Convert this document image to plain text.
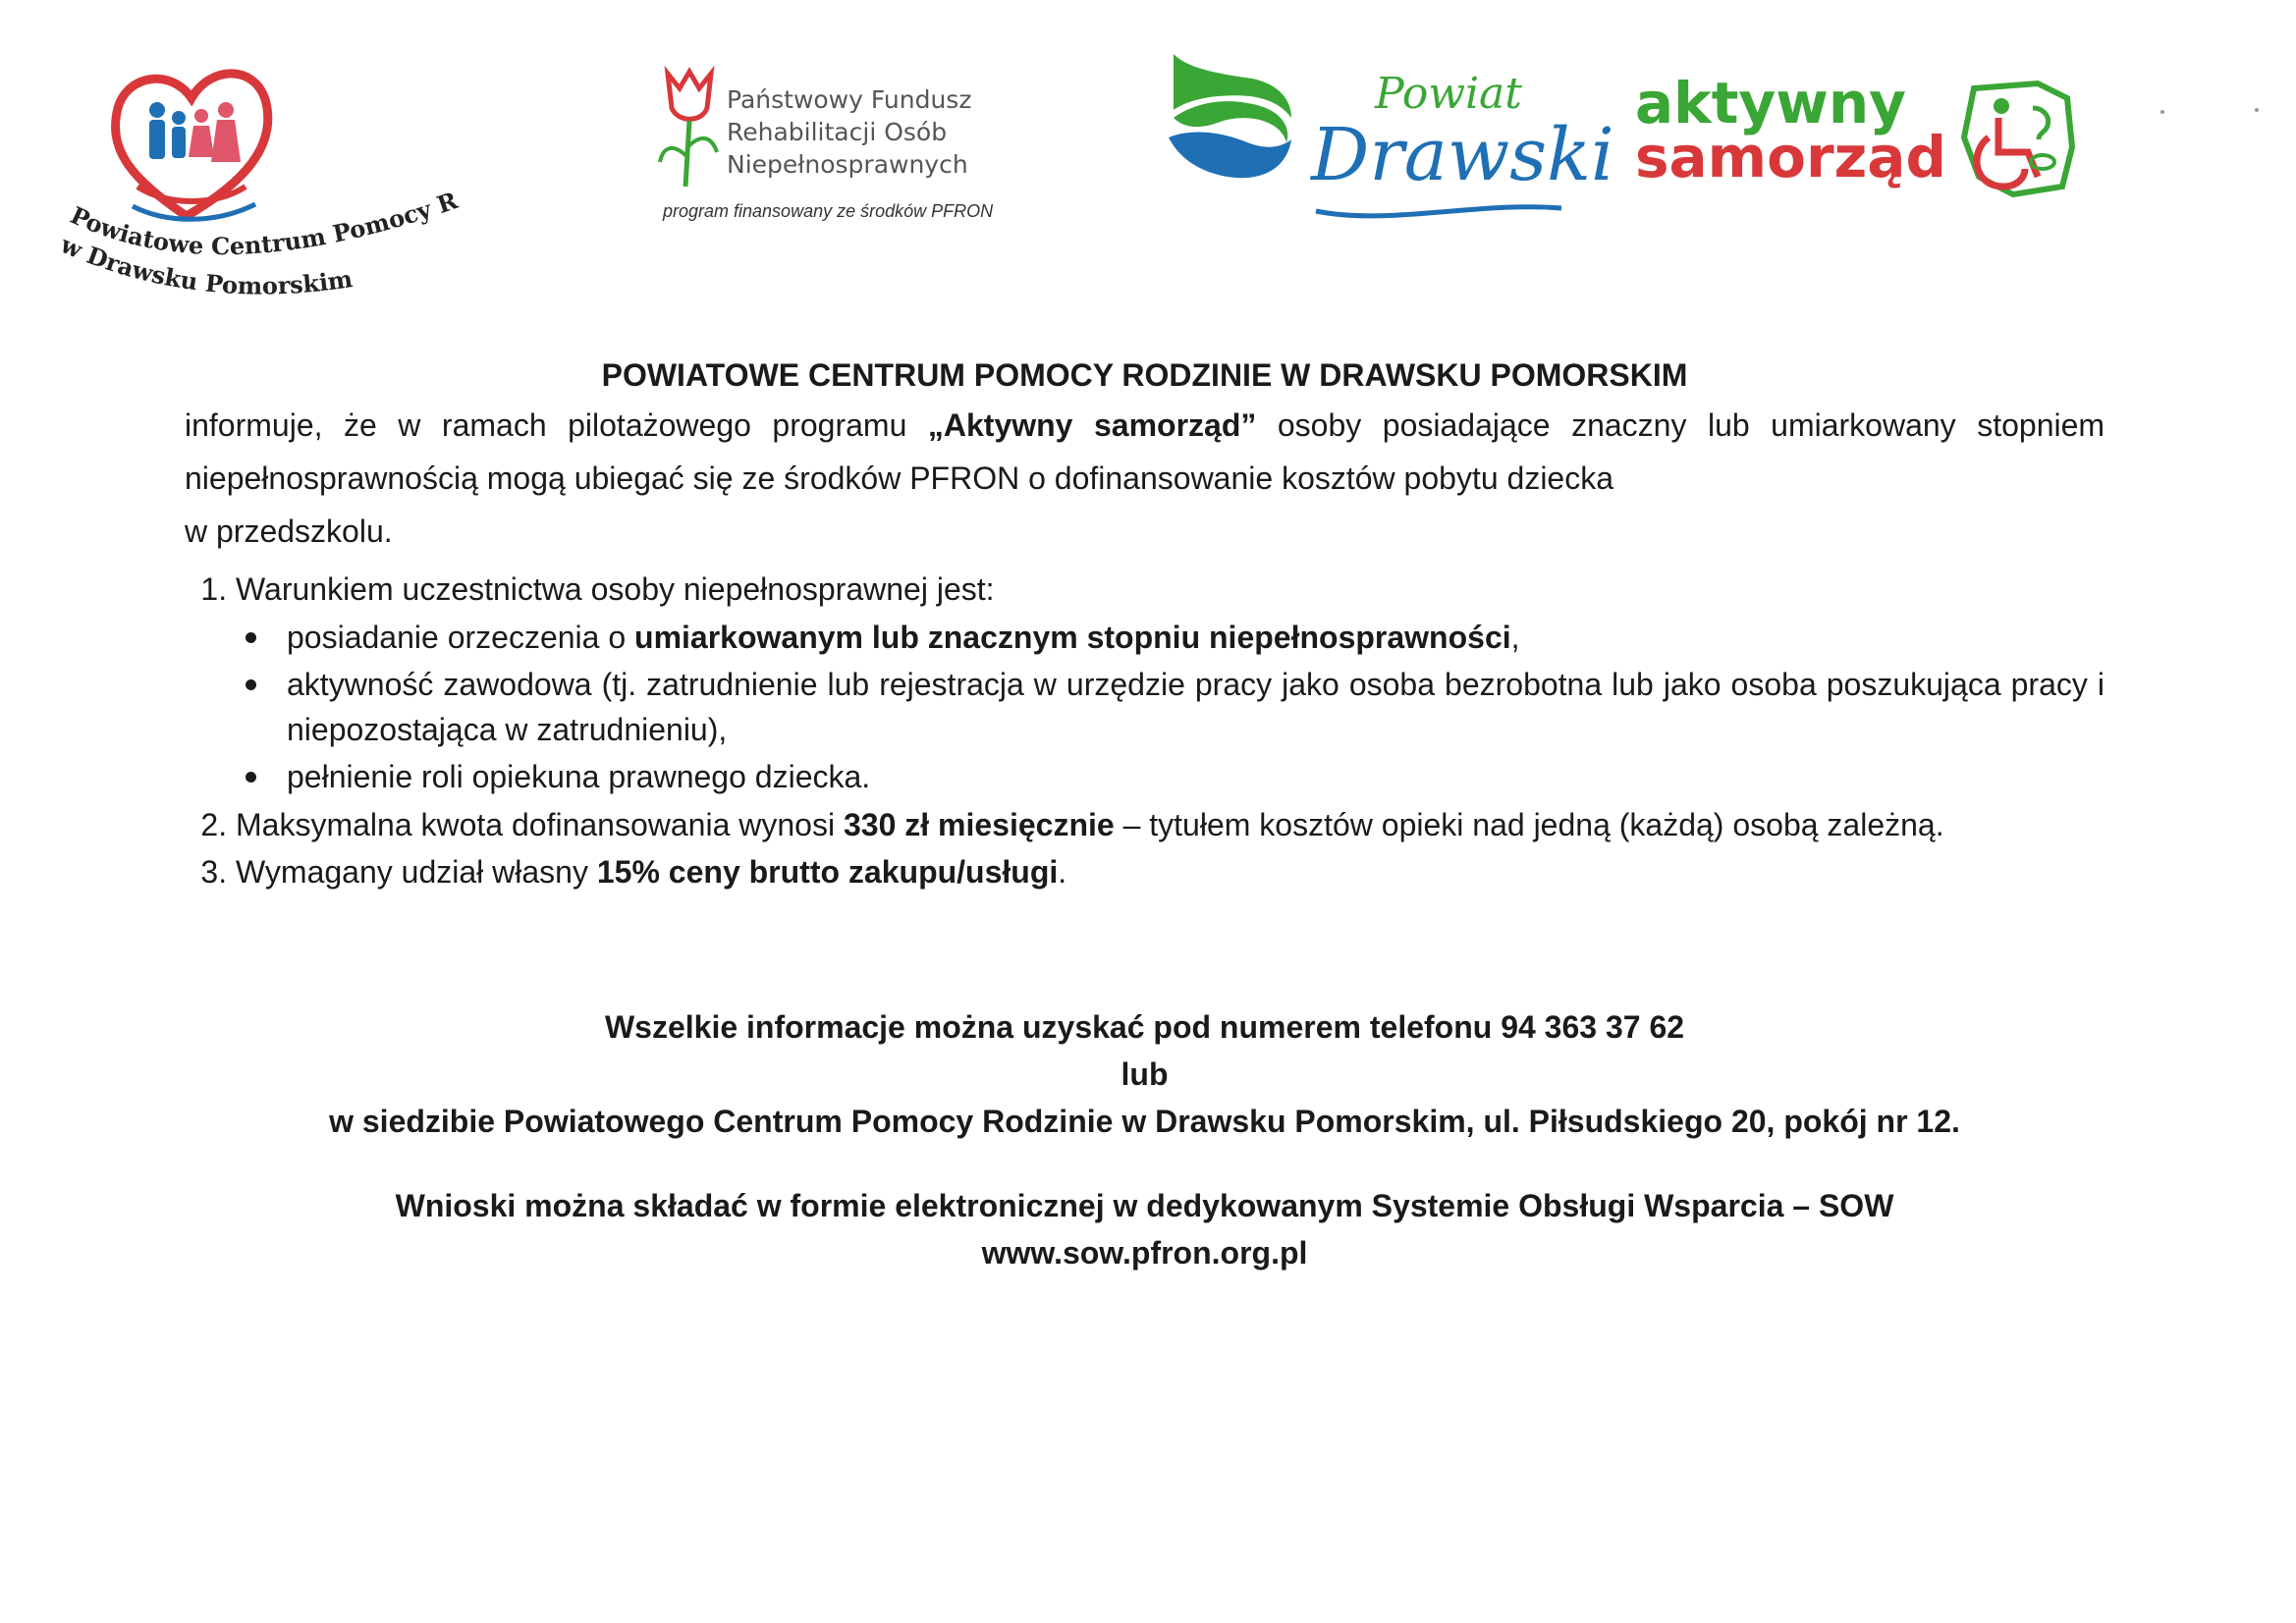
Powiatowe Centrum Pomocy R
w Drawsku Pomorskim
Państwowy Fundusz
Rehabilitacji Osób
Niepełnosprawnych
program finansowany ze środków PFRON
Powiat
Drawski
aktywny
samorząd

POWIATOWE CENTRUM POMOCY RODZINIE W DRAWSKU POMORSKIM

informuje, że w ramach pilotażowego programu „Aktywny samorząd” osoby posiadające znaczny lub umiarkowany stopniem niepełnosprawnością mogą ubiegać się ze środków PFRON o dofinansowanie kosztów pobytu dziecka
w przedszkolu.

1. Warunkiem uczestnictwa osoby niepełnosprawnej jest:
posiadanie orzeczenia o umiarkowanym lub znacznym stopniu niepełnosprawności,
aktywność zawodowa (tj. zatrudnienie lub rejestracja w urzędzie pracy jako osoba bezrobotna lub jako osoba poszukująca pracy i niepozostająca w zatrudnieniu),
pełnienie roli opiekuna prawnego dziecka.
2. Maksymalna kwota dofinansowania wynosi 330 zł miesięcznie – tytułem kosztów opieki nad jedną (każdą) osobą zależną.
3. Wymagany udział własny 15% ceny brutto zakupu/usługi.

Wszelkie informacje można uzyskać pod numerem telefonu 94 363 37 62

lub

w siedzibie Powiatowego Centrum Pomocy Rodzinie w Drawsku Pomorskim, ul. Piłsudskiego 20, pokój nr 12.

Wnioski można składać w formie elektronicznej w dedykowanym Systemie Obsługi Wsparcia – SOW

www.sow.pfron.org.pl
